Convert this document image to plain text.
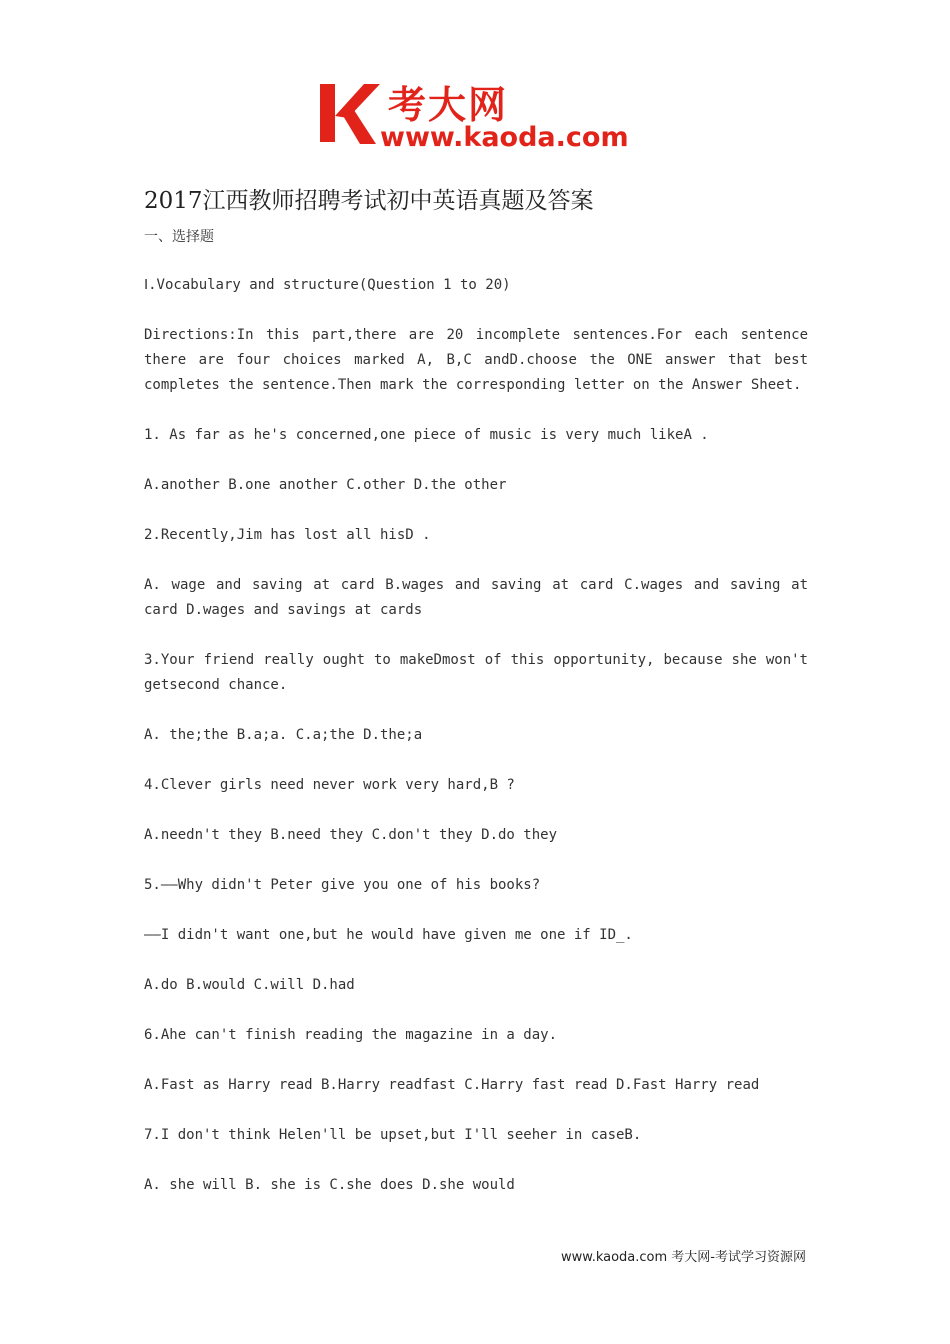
考大网
www.kaoda.com
2017江西教师招聘考试初中英语真题及答案
一、选择题

Ⅰ.Vocabulary and structure(Question 1 to 20)

Directions:In this part,there are 20 incomplete sentences.For each sentence there are four choices marked A, B,C andD.choose the ONE answer that best completes the sentence.Then mark the corresponding letter on the Answer Sheet.

1. As far as he's concerned,one piece of music is very much likeA .

A.another B.one another C.other D.the other

2.Recently,Jim has lost all hisD .

A. wage and saving at card B.wages and saving at card C.wages and saving at card D.wages and savings at cards

3.Your friend really ought to makeDmost of this opportunity, because she won't getsecond chance.

A. the;the B.a;a. C.a;the D.the;a

4.Clever girls need never work very hard,B ?

A.needn't they B.need they C.don't they D.do they

5.——Why didn't Peter give you one of his books?

——I didn't want one,but he would have given me one if ID_.

A.do B.would C.will D.had

6.Ahe can't finish reading the magazine in a day.

A.Fast as Harry read B.Harry readfast C.Harry fast read D.Fast Harry read

7.I don't think Helen'll be upset,but I'll seeher in caseB.

A. she will B. she is C.she does D.she would

www.kaoda.com 考大网-考试学习资源网
